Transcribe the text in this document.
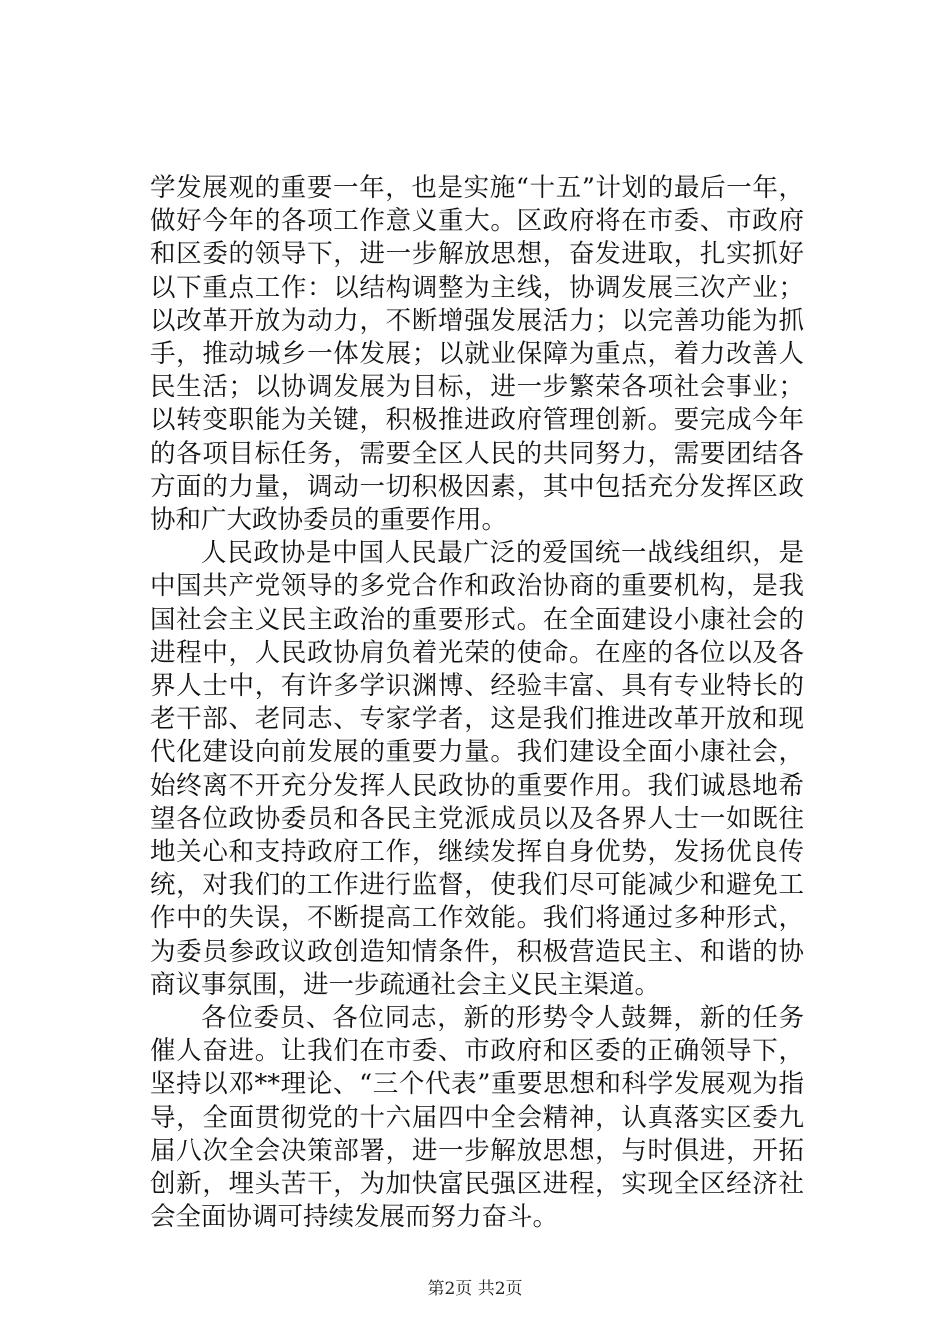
学发展观的重要一年，也是实施“十五”计划的最后一年，做好今年的各项工作意义重大。区政府将在市委、市政府和区委的领导下，进一步解放思想，奋发进取，扎实抓好以下重点工作：以结构调整为主线，协调发展三次产业；以改革开放为动力，不断增强发展活力；以完善功能为抓手，推动城乡一体发展；以就业保障为重点，着力改善人民生活；以协调发展为目标，进一步繁荣各项社会事业；以转变职能为关键，积极推进政府管理创新。要完成今年的各项目标任务，需要全区人民的共同努力，需要团结各方面的力量，调动一切积极因素，其中包括充分发挥区政协和广大政协委员的重要作用。

人民政协是中国人民最广泛的爱国统一战线组织，是中国共产党领导的多党合作和政治协商的重要机构，是我国社会主义民主政治的重要形式。在全面建设小康社会的进程中，人民政协肩负着光荣的使命。在座的各位以及各界人士中，有许多学识渊博、经验丰富、具有专业特长的老干部、老同志、专家学者，这是我们推进改革开放和现代化建设向前发展的重要力量。我们建设全面小康社会，始终离不开充分发挥人民政协的重要作用。我们诚恳地希望各位政协委员和各民主党派成员以及各界人士一如既往地关心和支持政府工作，继续发挥自身优势，发扬优良传统，对我们的工作进行监督，使我们尽可能减少和避免工作中的失误，不断提高工作效能。我们将通过多种形式，为委员参政议政创造知情条件，积极营造民主、和谐的协商议事氛围，进一步疏通社会主义民主渠道。

各位委员、各位同志，新的形势令人鼓舞，新的任务催人奋进。让我们在市委、市政府和区委的正确领导下，坚持以邓**理论、“三个代表”重要思想和科学发展观为指导，全面贯彻党的十六届四中全会精神，认真落实区委九届八次全会决策部署，进一步解放思想，与时俱进，开拓创新，埋头苦干，为加快富民强区进程，实现全区经济社会全面协调可持续发展而努力奋斗。

第2页 共2页
